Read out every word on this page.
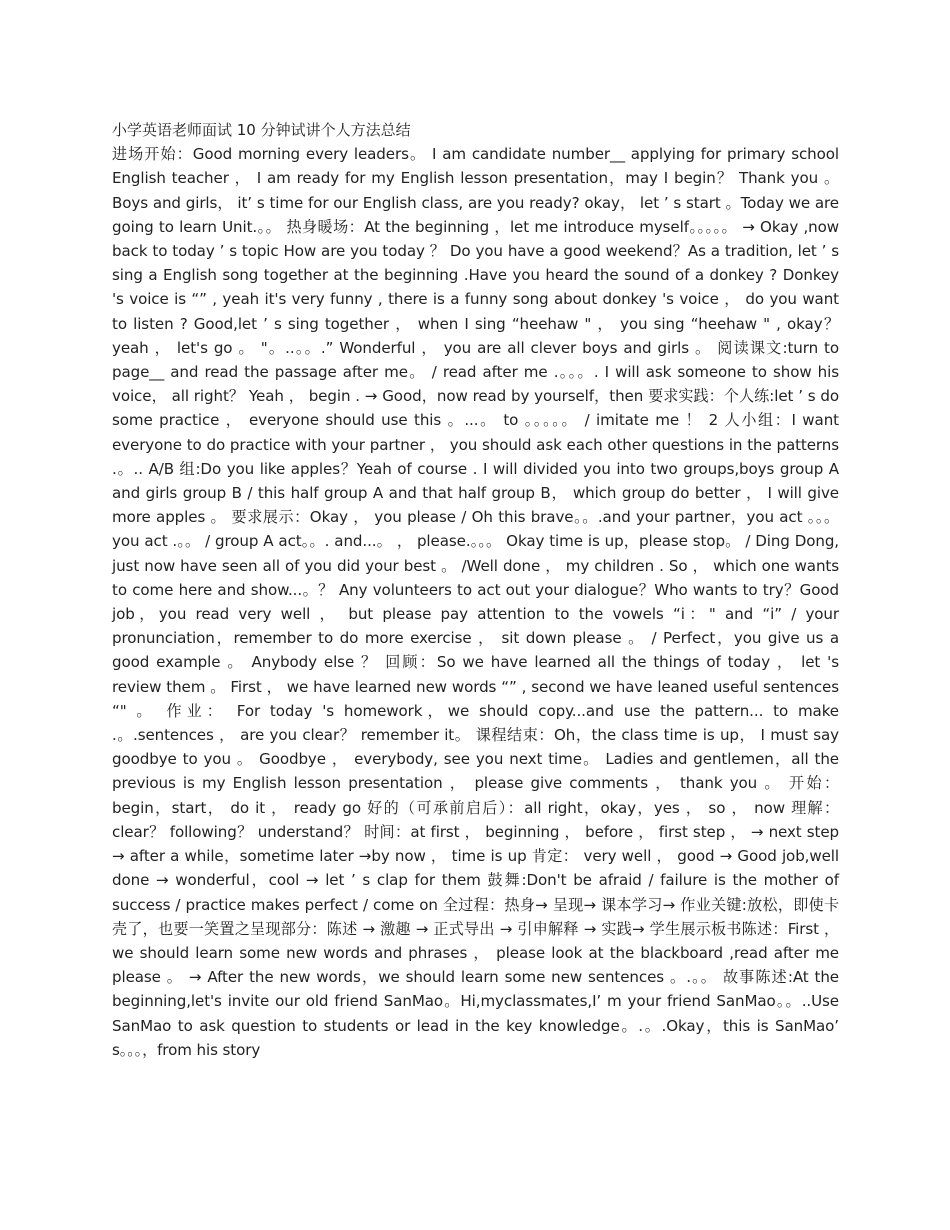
小学英语老师面试 10 分钟试讲个人方法总结

进场开始：Good morning every leaders。 I am candidate number__ applying for primary school English teacher ， I am ready for my English lesson presentation，may I begin？ Thank you 。 Boys and girls， it’ s time for our English class, are you ready? okay， let ’ s start 。Today we are going to learn Unit.。。 热身暖场：At the beginning ，let me introduce myself。。。。。 → Okay ,now back to today ’ s topic How are you today ？ Do you have a good weekend？As a tradition, let ’ s sing a English song together at the beginning .Have you heard the sound of a donkey ? Donkey 's voice is “” , yeah it's very funny , there is a funny song about donkey 's voice ， do you want to listen ? Good,let ’ s sing together ， when I sing “heehaw " ， you sing “heehaw " , okay？yeah ， let's go 。 "。..。。.” Wonderful ， you are all clever boys and girls 。 阅读课文:turn to page__ and read the passage after me。 / read after me .。。。. I will ask someone to show his voice， all right？ Yeah ， begin . → Good，now read by yourself，then 要求实践：个人练:let ’ s do some practice ， everyone should use this 。...。 to 。。。。。 / imitate me ！ 2 人小组：I want everyone to do practice with your partner ， you should ask each other questions in the patterns .。.. A/B 组:Do you like apples？Yeah of course . I will divided you into two groups,boys group A and girls group B / this half group A and that half group B， which group do better ， I will give more apples 。 要求展示：Okay ， you please / Oh this brave。。.and your partner，you act 。。。 you act .。。 / group A act。。. and...。 ， please.。。。 Okay time is up，please stop。 / Ding Dong, just now have seen all of you did your best 。 /Well done ， my children . So ， which one wants to come here and show...。？ Any volunteers to act out your dialogue？Who wants to try？Good job，you read very well ， but please pay attention to the vowels “i：" and “i” / your pronunciation，remember to do more exercise ， sit down please 。 / Perfect，you give us a good example 。 Anybody else ？ 回顾：So we have learned all the things of today ， let 's review them 。 First ， we have learned new words “” , second we have leaned useful sentences “" 。 作业： For today 's homework，we should copy...and use the pattern... to make .。.sentences ， are you clear？ remember it。 课程结束：Oh，the class time is up， I must say goodbye to you 。 Goodbye ， everybody, see you next time。 Ladies and gentlemen，all the previous is my English lesson presentation ， please give comments ， thank you 。 开始：begin，start， do it ， ready go 好的（可承前启后）：all right，okay，yes ， so ， now 理解：clear？ following？ understand？ 时间：at first ， beginning ， before ， first step ， → next step → after a while，sometime later →by now ， time is up 肯定： very well ， good → Good job,well done → wonderful，cool → let ’ s clap for them 鼓舞:Don't be afraid / failure is the mother of success / practice makes perfect / come on 全过程：热身→ 呈现→ 课本学习→ 作业关键:放松，即使卡壳了，也要一笑置之呈现部分：陈述 → 激趣 → 正式导出 → 引申解释 → 实践→ 学生展示板书陈述：First ， we should learn some new words and phrases ， please look at the blackboard ,read after me please 。 → After the new words，we should learn some new sentences 。.。。 故事陈述:At the beginning,let's invite our old friend SanMao。Hi,myclassmates,I’ m your friend SanMao。。..Use SanMao to ask question to students or lead in the key knowledge。.。.Okay，this is SanMao’ s。。。，from his story
